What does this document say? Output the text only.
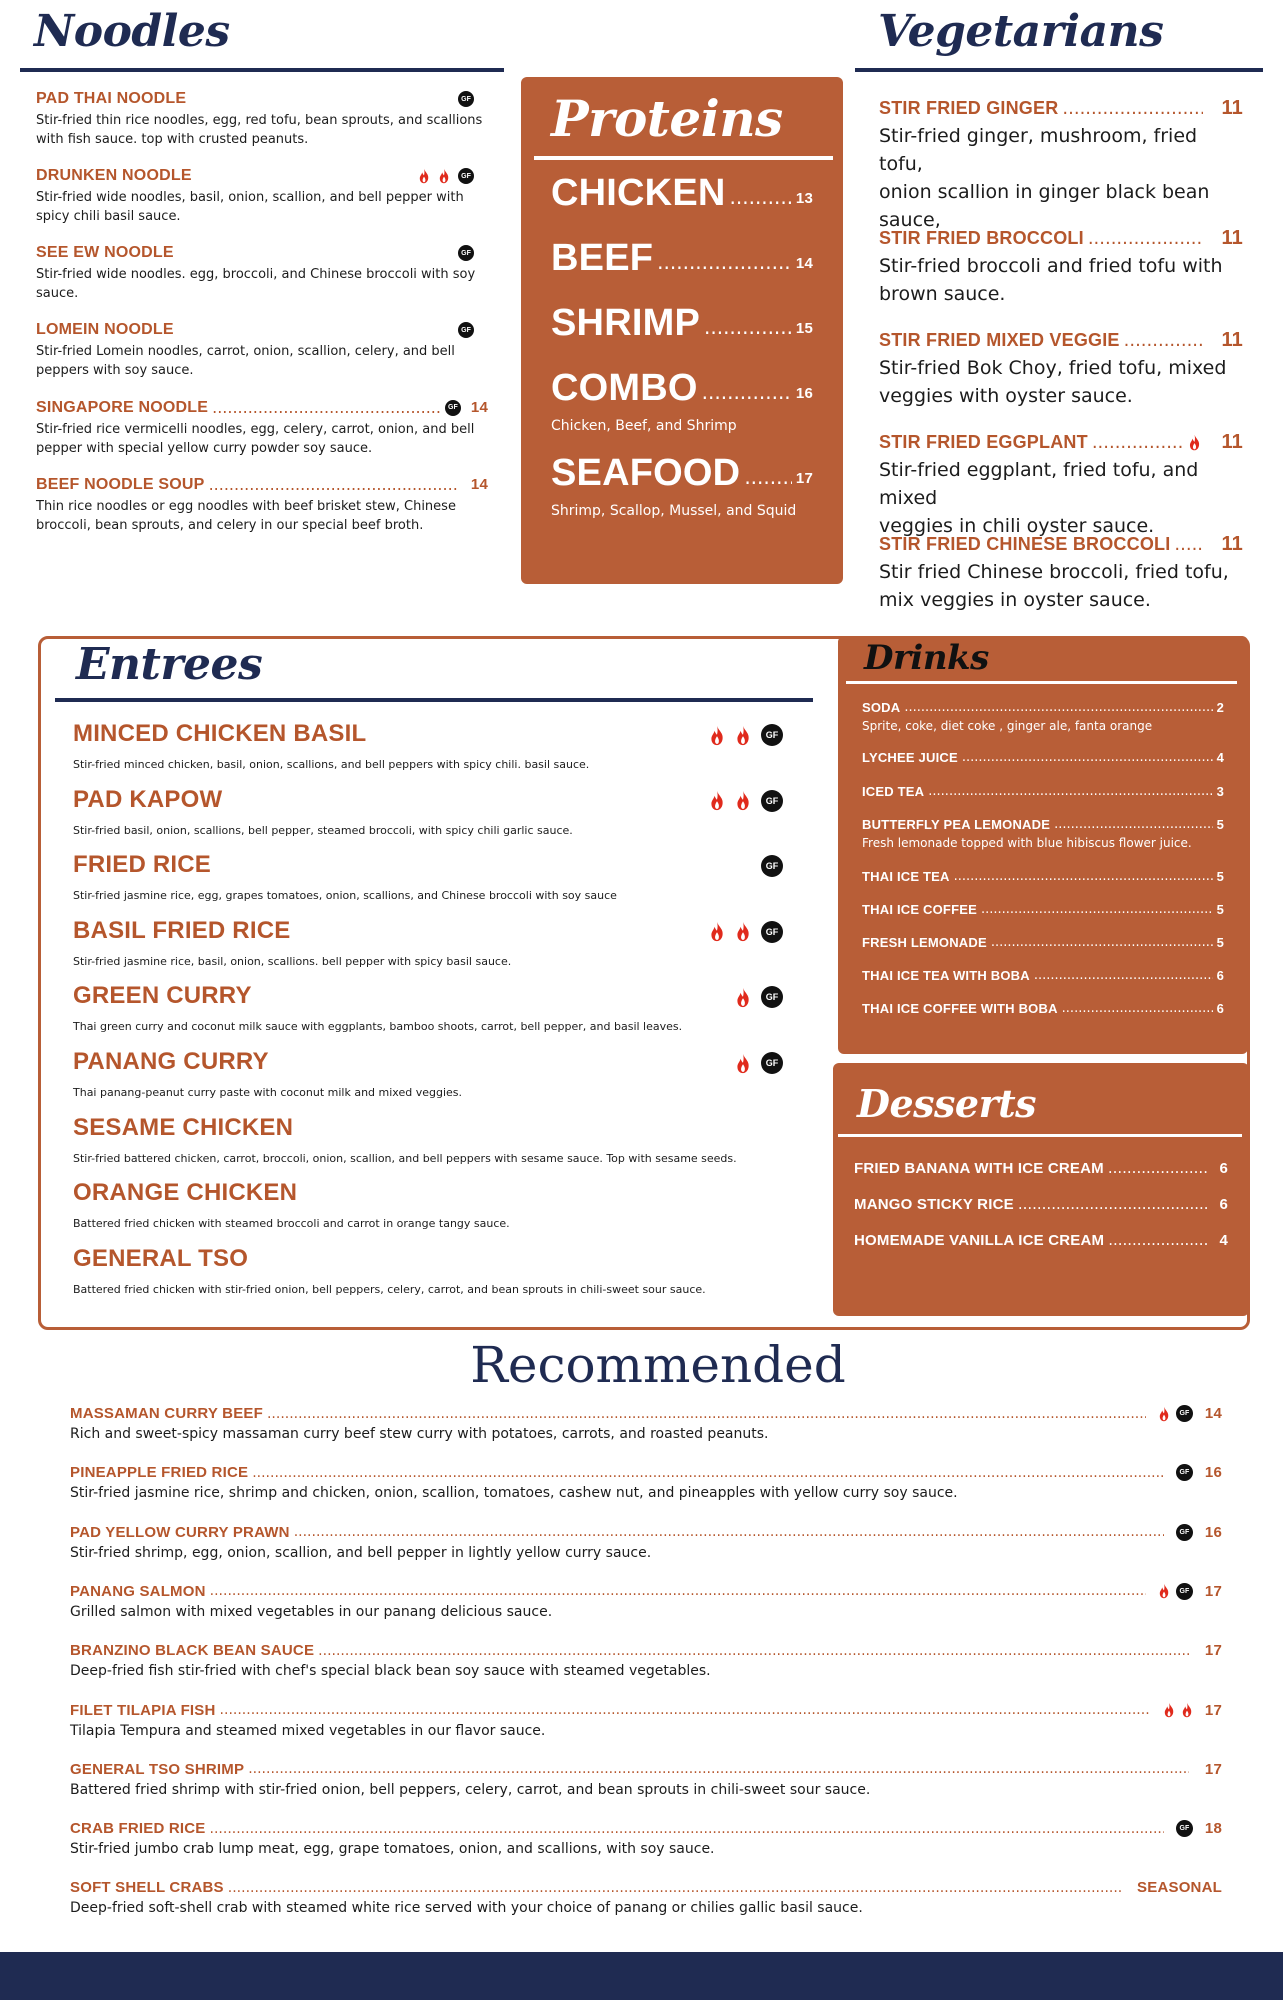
Noodles
PAD THAI NOODLE	GF
Stir-fried thin rice noodles, egg, red tofu, bean sprouts, and scallions
with fish sauce. top with crusted peanuts.
DRUNKEN NOODLE	GF
Stir-fried wide noodles, basil, onion, scallion, and bell pepper with
spicy chili basil sauce.
SEE EW NOODLE	GF
Stir-fried wide noodles. egg, broccoli, and Chinese broccoli with soy
sauce.
LOMEIN NOODLE	GF
Stir-fried Lomein noodles, carrot, onion, scallion, celery, and bell
peppers with soy sauce.
SINGAPORE NOODLE .....	GF 14
Stir-fried rice vermicelli noodles, egg, celery, carrot, onion, and bell
pepper with special yellow curry powder soy sauce.
BEEF NOODLE SOUP .....	14
Thin rice noodles or egg noodles with beef brisket stew, Chinese
broccoli, bean sprouts, and celery in our special beef broth.
Proteins
CHICKEN .....	13
BEEF .....	14
SHRIMP .....	15
COMBO .....	16
Chicken, Beef, and Shrimp
SEAFOOD .....	17
Shrimp, Scallop, Mussel, and Squid
Vegetarians
STIR FRIED GINGER .....	11
Stir-fried ginger, mushroom, fried tofu,
onion scallion in ginger black bean
sauce,
STIR FRIED BROCCOLI .....	11
Stir-fried broccoli and fried tofu with
brown sauce.
STIR FRIED MIXED VEGGIE .....	11
Stir-fried Bok Choy, fried tofu, mixed
veggies with oyster sauce.
STIR FRIED EGGPLANT .....	11
Stir-fried eggplant, fried tofu, and mixed
veggies in chili oyster sauce.
STIR FRIED CHINESE BROCCOLI .....	11
Stir fried Chinese broccoli, fried tofu,
mix veggies in oyster sauce.
Entrees
MINCED CHICKEN BASIL
Stir-fried minced chicken, basil, onion, scallions, and bell peppers with spicy chili. basil sauce.
GF
PAD KAPOW
Stir-fried basil, onion, scallions, bell pepper, steamed broccoli, with spicy chili garlic sauce.
GF
FRIED RICE
Stir-fried jasmine rice, egg, grapes tomatoes, onion, scallions, and Chinese broccoli with soy sauce
GF
BASIL FRIED RICE
Stir-fried jasmine rice, basil, onion, scallions. bell pepper with spicy basil sauce.
GF
GREEN CURRY
Thai green curry and coconut milk sauce with eggplants, bamboo shoots, carrot, bell pepper, and basil leaves.
GF
PANANG CURRY
Thai panang-peanut curry paste with coconut milk and mixed veggies.
GF
SESAME CHICKEN
Stir-fried battered chicken, carrot, broccoli, onion, scallion, and bell peppers with sesame sauce. Top with sesame seeds.
ORANGE CHICKEN
Battered fried chicken with steamed broccoli and carrot in orange tangy sauce.
GENERAL TSO
Battered fried chicken with stir-fried onion, bell peppers, celery, carrot, and bean sprouts in chili-sweet sour sauce.
Drinks
SODA .....	2
Sprite, coke, diet coke , ginger ale, fanta orange
LYCHEE JUICE .....	4
ICED TEA .....	3
BUTTERFLY PEA LEMONADE .....	5
Fresh lemonade topped with blue hibiscus flower juice.
THAI ICE TEA .....	5
THAI ICE COFFEE .....	5
FRESH LEMONADE .....	5
THAI ICE TEA WITH BOBA .....	6
THAI ICE COFFEE WITH BOBA .....	6
Desserts
FRIED BANANA WITH ICE CREAM .....	6
MANGO STICKY RICE .....	6
HOMEMADE VANILLA ICE CREAM .....	4
Recommended
MASSAMAN CURRY BEEF .....	GF 14
Rich and sweet-spicy massaman curry beef stew curry with potatoes, carrots, and roasted peanuts.
PINEAPPLE FRIED RICE .....	GF 16
Stir-fried jasmine rice, shrimp and chicken, onion, scallion, tomatoes, cashew nut, and pineapples with yellow curry soy sauce.
PAD YELLOW CURRY PRAWN .....	GF 16
Stir-fried shrimp, egg, onion, scallion, and bell pepper in lightly yellow curry sauce.
PANANG SALMON .....	GF 17
Grilled salmon with mixed vegetables in our panang delicious sauce.
BRANZINO BLACK BEAN SAUCE .....	17
Deep-fried fish stir-fried with chef's special black bean soy sauce with steamed vegetables.
FILET TILAPIA FISH .....	17
Tilapia Tempura and steamed mixed vegetables in our flavor sauce.
GENERAL TSO SHRIMP .....	17
Battered fried shrimp with stir-fried onion, bell peppers, celery, carrot, and bean sprouts in chili-sweet sour sauce.
CRAB FRIED RICE .....	GF 18
Stir-fried jumbo crab lump meat, egg, grape tomatoes, onion, and scallions, with soy sauce.
SOFT SHELL CRABS .....	SEASONAL
Deep-fried soft-shell crab with steamed white rice served with your choice of panang or chilies gallic basil sauce.
